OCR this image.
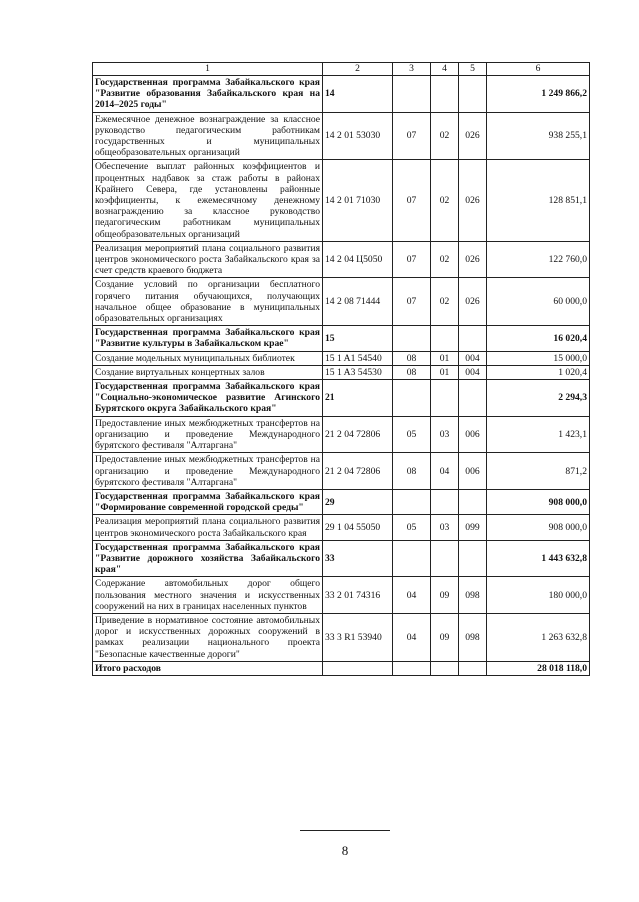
1	2	3	4	5	6
Государственная программа Забайкальского края "Развитие образования Забайкальского края на 2014–2025 годы"	14				1 249 866,2
Ежемесячное денежное вознаграждение за классное руководство педагогическим работникам государственных и муниципальных общеобразовательных организаций	14 2 01 53030	07	02	026	938 255,1
Обеспечение выплат районных коэффициентов и процентных надбавок за стаж работы в районах Крайнего Севера, где установлены районные коэффициенты, к ежемесячному денежному вознаграждению за классное руководство педагогическим работникам муниципальных общеобразовательных организаций	14 2 01 71030	07	02	026	128 851,1
Реализация мероприятий плана социального развития центров экономического роста Забайкальского края за счет средств краевого бюджета	14 2 04 Ц5050	07	02	026	122 760,0
Создание условий по организации бесплатного горячего питания обучающихся, получающих начальное общее образование в муниципальных образовательных организациях	14 2 08 71444	07	02	026	60 000,0
Государственная программа Забайкальского края "Развитие культуры в Забайкальском крае"	15				16 020,4
Создание модельных муниципальных библиотек	15 1 A1 54540	08	01	004	15 000,0
Создание виртуальных концертных залов	15 1 A3 54530	08	01	004	1 020,4
Государственная программа Забайкальского края "Социально-экономическое развитие Агинского Бурятского округа Забайкальского края"	21				2 294,3
Предоставление иных межбюджетных трансфертов на организацию и проведение Международного бурятского фестиваля "Алтаргана"	21 2 04 72806	05	03	006	1 423,1
Предоставление иных межбюджетных трансфертов на организацию и проведение Международного бурятского фестиваля "Алтаргана"	21 2 04 72806	08	04	006	871,2
Государственная программа Забайкальского края "Формирование современной городской среды"	29				908 000,0
Реализация мероприятий плана социального развития центров экономического роста Забайкальского края	29 1 04 55050	05	03	099	908 000,0
Государственная программа Забайкальского края "Развитие дорожного хозяйства Забайкальского края"	33				1 443 632,8
Содержание автомобильных дорог общего пользования местного значения и искусственных сооружений на них в границах населенных пунктов	33 2 01 74316	04	09	098	180 000,0
Приведение в нормативное состояние автомобильных дорог и искусственных дорожных сооружений в рамках реализации национального проекта "Безопасные качественные дороги"	33 3 R1 53940	04	09	098	1 263 632,8
Итого расходов					28 018 118,0
8
